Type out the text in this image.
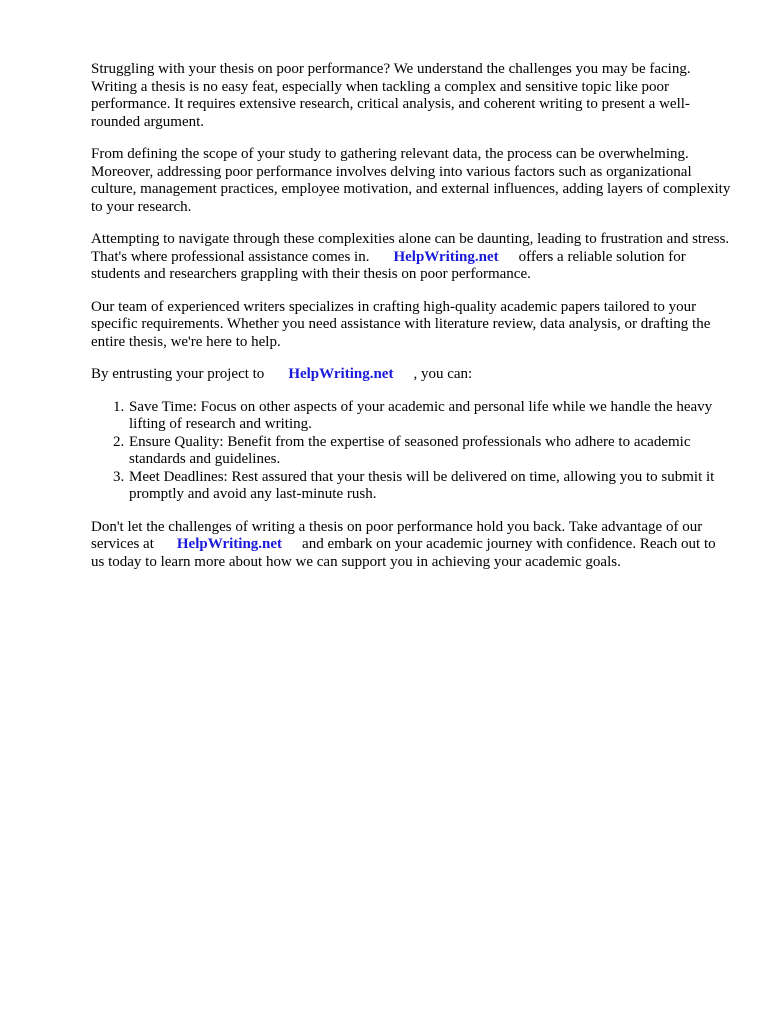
Struggling with your thesis on poor performance? We understand the challenges you may be facing. Writing a thesis is no easy feat, especially when tackling a complex and sensitive topic like poor performance. It requires extensive research, critical analysis, and coherent writing to present a well-rounded argument.

From defining the scope of your study to gathering relevant data, the process can be overwhelming. Moreover, addressing poor performance involves delving into various factors such as organizational culture, management practices, employee motivation, and external influences, adding layers of complexity to your research.

Attempting to navigate through these complexities alone can be daunting, leading to frustration and stress. That's where professional assistance comes in. HelpWriting.net offers a reliable solution for students and researchers grappling with their thesis on poor performance.

Our team of experienced writers specializes in crafting high-quality academic papers tailored to your specific requirements. Whether you need assistance with literature review, data analysis, or drafting the entire thesis, we're here to help.

By entrusting your project to HelpWriting.net , you can:

1. Save Time: Focus on other aspects of your academic and personal life while we handle the heavy lifting of research and writing.
2. Ensure Quality: Benefit from the expertise of seasoned professionals who adhere to academic standards and guidelines.
3. Meet Deadlines: Rest assured that your thesis will be delivered on time, allowing you to submit it promptly and avoid any last-minute rush.

Don't let the challenges of writing a thesis on poor performance hold you back. Take advantage of our services at HelpWriting.net and embark on your academic journey with confidence. Reach out to us today to learn more about how we can support you in achieving your academic goals.
